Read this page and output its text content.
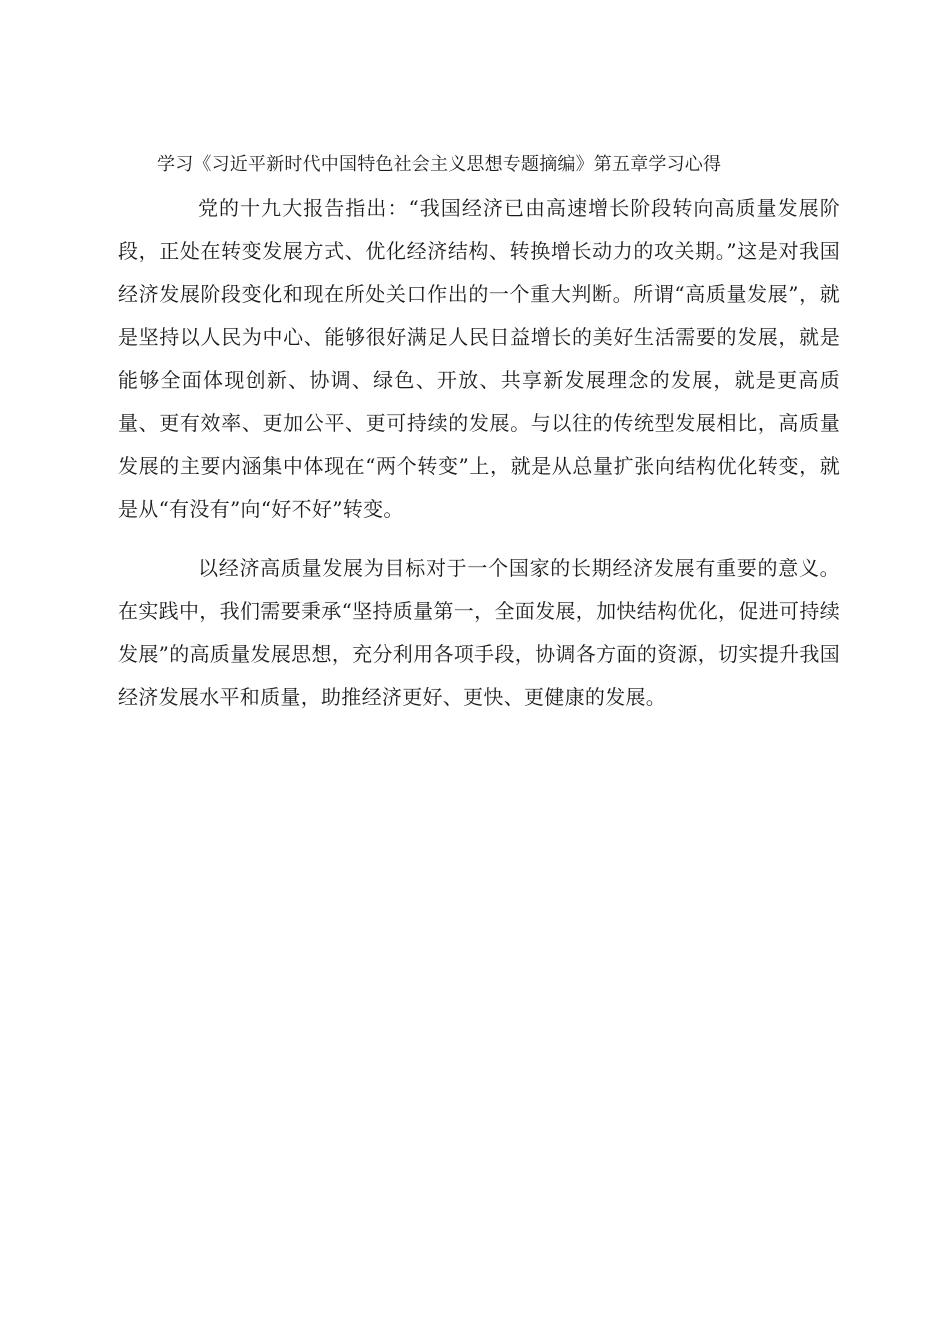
学习《习近平新时代中国特色社会主义思想专题摘编》第五章学习心得

党的十九大报告指出：“我国经济已由高速增长阶段转向高质量发展阶段，正处在转变发展方式、优化经济结构、转换增长动力的攻关期。”这是对我国经济发展阶段变化和现在所处关口作出的一个重大判断。所谓“高质量发展”，就是坚持以人民为中心、能够很好满足人民日益增长的美好生活需要的发展，就是能够全面体现创新、协调、绿色、开放、共享新发展理念的发展，就是更高质量、更有效率、更加公平、更可持续的发展。与以往的传统型发展相比，高质量发展的主要内涵集中体现在“两个转变”上，就是从总量扩张向结构优化转变，就是从“有没有”向“好不好”转变。

以经济高质量发展为目标对于一个国家的长期经济发展有重要的意义。在实践中，我们需要秉承“坚持质量第一，全面发展，加快结构优化，促进可持续发展”的高质量发展思想，充分利用各项手段，协调各方面的资源，切实提升我国经济发展水平和质量，助推经济更好、更快、更健康的发展。
